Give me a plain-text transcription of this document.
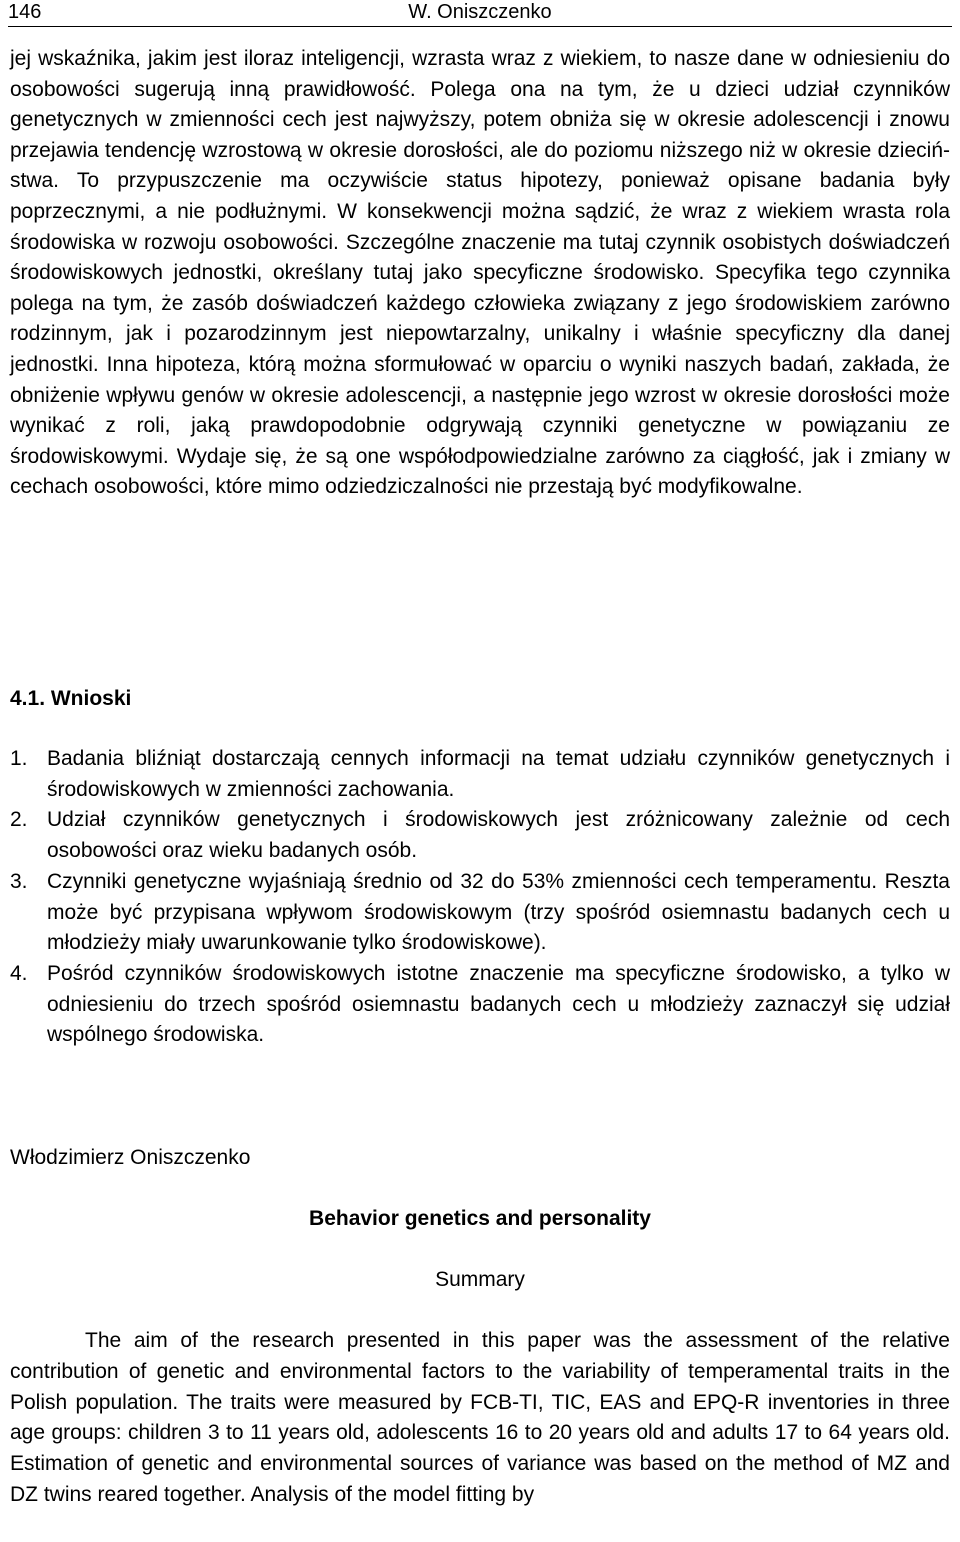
146	W. Oniszczenko

jej wskaźnika, jakim jest iloraz inteligencji, wzrasta wraz z wiekiem, to nasze dane w odniesieniu do osobowości sugerują inną prawidłowość. Polega ona na tym, że u dzieci udział czynników genetycznych w zmienności cech jest najwyższy, potem obniża się w okresie adolescencji i znowu przejawia tendencję wzrostową w okresie dorosłości, ale do poziomu niższego niż w okresie dzieciństwa. To przypuszczenie ma oczywiście status hipotezy, ponieważ opisane badania były poprzecznymi, a nie podłużnymi. W konsekwencji można sądzić, że wraz z wiekiem wrasta rola środowiska w rozwoju osobowości. Szczególne znaczenie ma tutaj czynnik osobistych doświadczeń środowiskowych jednostki, określany tutaj jako specyficzne środowisko. Specyfika tego czynnika polega na tym, że zasób doświadczeń każdego człowieka związany z jego środowiskiem zarówno rodzinnym, jak i pozarodzinnym jest niepowtarzalny, unikalny i właśnie specyficzny dla danej jednostki. Inna hipoteza, którą można sformułować w oparciu o wyniki naszych badań, zakłada, że obniżenie wpływu genów w okresie adolescencji, a następnie jego wzrost w okresie dorosłości może wynikać z roli, jaką prawdopodobnie odgrywają czynniki genetyczne w powiązaniu ze środowiskowymi. Wydaje się, że są one współodpowiedzialne zarówno za ciągłość, jak i zmiany w cechach osobowości, które mimo odziedziczalności nie przestają być modyfikowalne.

4.1. Wnioski
1. Badania bliźniąt dostarczają cennych informacji na temat udziału czynników genetycznych i środowiskowych w zmienności zachowania.
2. Udział czynników genetycznych i środowiskowych jest zróżnicowany zależnie od cech osobowości oraz wieku badanych osób.
3. Czynniki genetyczne wyjaśniają średnio od 32 do 53% zmienności cech temperamentu. Reszta może być przypisana wpływom środowiskowym (trzy spośród osiemnastu badanych cech u młodzieży miały uwarunkowanie tylko środowiskowe).
4. Pośród czynników środowiskowych istotne znaczenie ma specyficzne środowisko, a tylko w odniesieniu do trzech spośród osiemnastu badanych cech u młodzieży zaznaczył się udział wspólnego środowiska.
Włodzimierz Oniszczenko
Behavior genetics and personality
Summary
The aim of the research presented in this paper was the assessment of the relative contribution of genetic and environmental factors to the variability of temperamental traits in the Polish population. The traits were measured by FCB-TI, TIC, EAS and EPQ-R inventories in three age groups: children 3 to 11 years old, adolescents 16 to 20 years old and adults 17 to 64 years old. Estimation of genetic and environmental sources of variance was based on the method of MZ and DZ twins reared together. Analysis of the model fitting by
